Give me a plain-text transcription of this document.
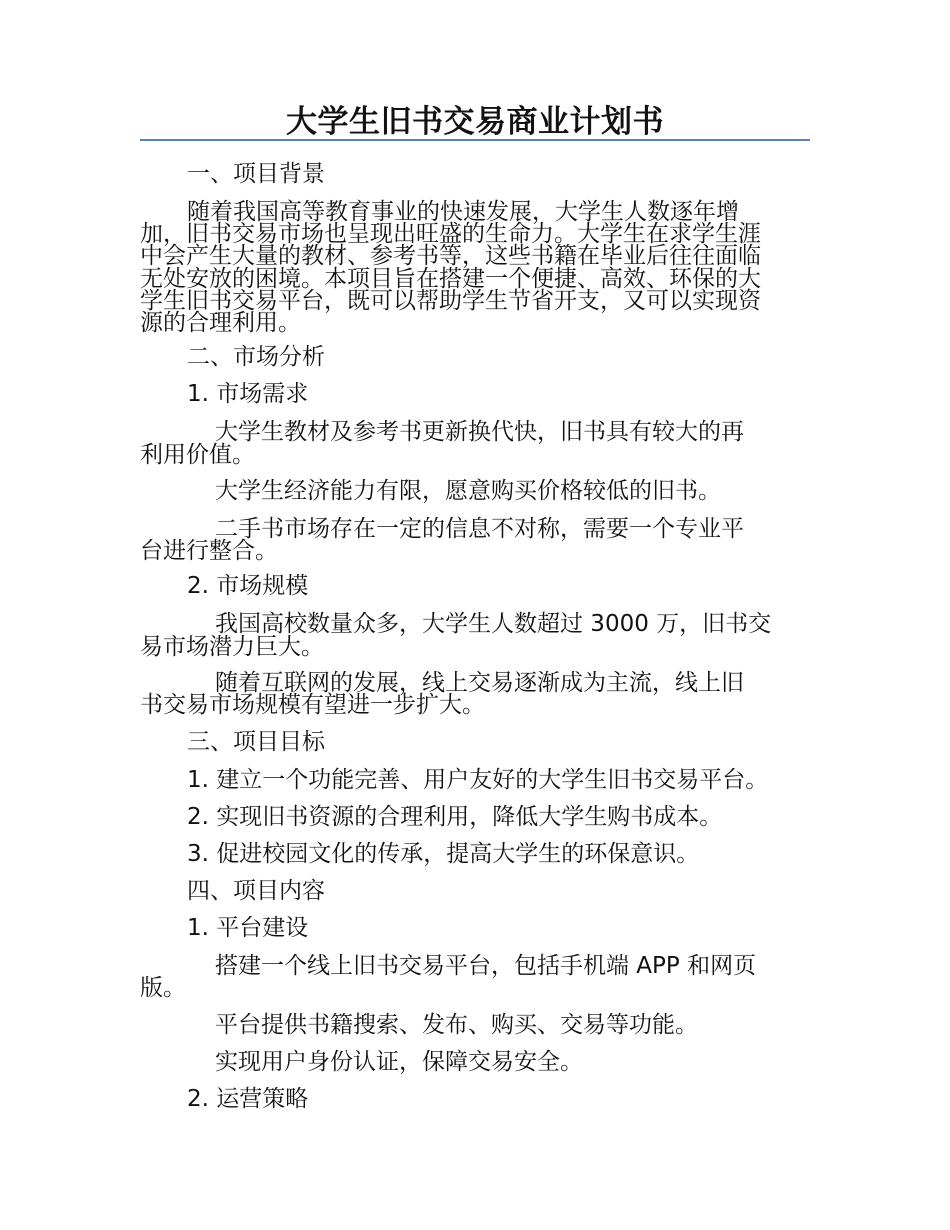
大学生旧书交易商业计划书
一、项目背景
随着我国高等教育事业的快速发展，大学生人数逐年增
加，旧书交易市场也呈现出旺盛的生命力。大学生在求学生涯
中会产生大量的教材、参考书等，这些书籍在毕业后往往面临
无处安放的困境。本项目旨在搭建一个便捷、高效、环保的大
学生旧书交易平台，既可以帮助学生节省开支，又可以实现资
源的合理利用。
二、市场分析
1. 市场需求
大学生教材及参考书更新换代快，旧书具有较大的再
利用价值。
大学生经济能力有限，愿意购买价格较低的旧书。
二手书市场存在一定的信息不对称，需要一个专业平
台进行整合。
2. 市场规模
我国高校数量众多，大学生人数超过 3000 万，旧书交
易市场潜力巨大。
随着互联网的发展，线上交易逐渐成为主流，线上旧
书交易市场规模有望进一步扩大。
三、项目目标
1. 建立一个功能完善、用户友好的大学生旧书交易平台。
2. 实现旧书资源的合理利用，降低大学生购书成本。
3. 促进校园文化的传承，提高大学生的环保意识。
四、项目内容
1. 平台建设
搭建一个线上旧书交易平台，包括手机端 APP 和网页
版。
平台提供书籍搜索、发布、购买、交易等功能。
实现用户身份认证，保障交易安全。
2. 运营策略
